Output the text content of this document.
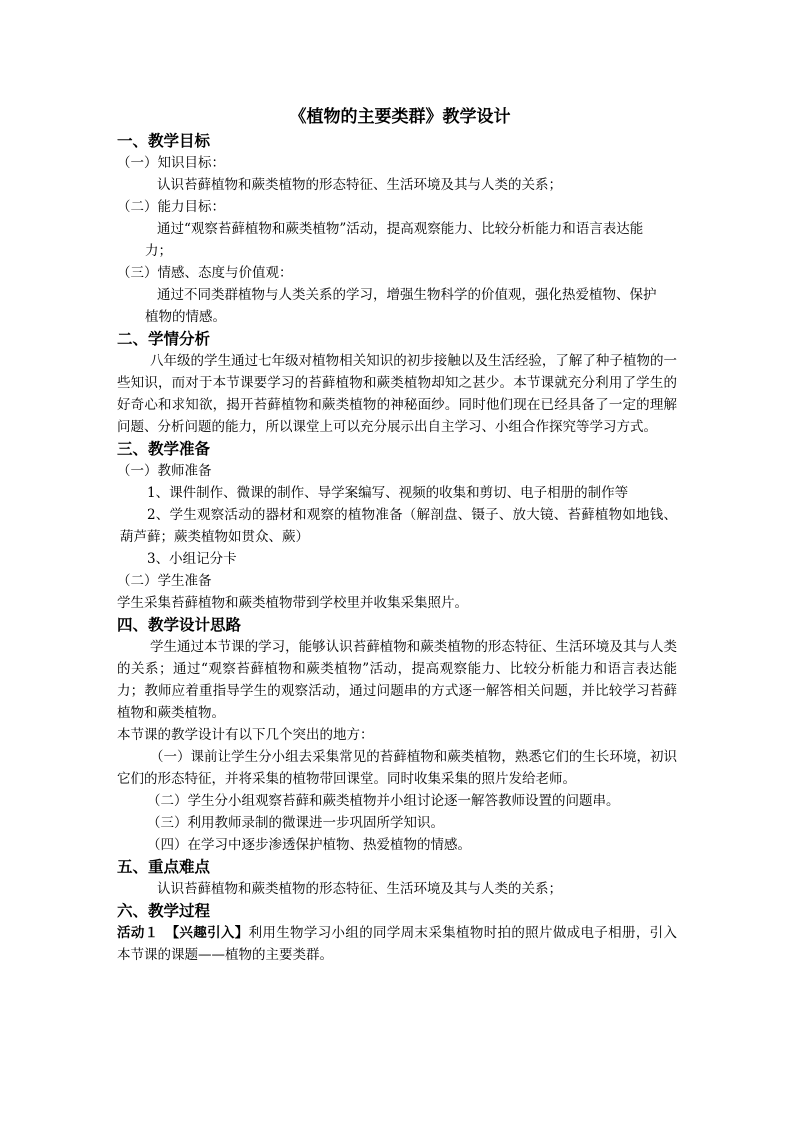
《植物的主要类群》教学设计
一、教学目标
（一）知识目标：
认识苔藓植物和蕨类植物的形态特征、生活环境及其与人类的关系；
（二）能力目标：
通过“观察苔藓植物和蕨类植物”活动，提高观察能力、比较分析能力和语言表达能
力；
（三）情感、态度与价值观：
通过不同类群植物与人类关系的学习，增强生物科学的价值观，强化热爱植物、保护
植物的情感。
二、学情分析
八年级的学生通过七年级对植物相关知识的初步接触以及生活经验，了解了种子植物的一些知识，而对于本节课要学习的苔藓植物和蕨类植物却知之甚少。本节课就充分利用了学生的好奇心和求知欲，揭开苔藓植物和蕨类植物的神秘面纱。同时他们现在已经具备了一定的理解问题、分析问题的能力，所以课堂上可以充分展示出自主学习、小组合作探究等学习方式。
三、教学准备
（一）教师准备
1、课件制作、微课的制作、导学案编写、视频的收集和剪切、电子相册的制作等
2、学生观察活动的器材和观察的植物准备（解剖盘、镊子、放大镜、苔藓植物如地钱、葫芦藓；蕨类植物如贯众、蕨）
3、小组记分卡
（二）学生准备
学生采集苔藓植物和蕨类植物带到学校里并收集采集照片。
四、教学设计思路
学生通过本节课的学习，能够认识苔藓植物和蕨类植物的形态特征、生活环境及其与人类的关系；通过“观察苔藓植物和蕨类植物”活动，提高观察能力、比较分析能力和语言表达能力；教师应着重指导学生的观察活动，通过问题串的方式逐一解答相关问题，并比较学习苔藓植物和蕨类植物。
本节课的教学设计有以下几个突出的地方：
（一）课前让学生分小组去采集常见的苔藓植物和蕨类植物，熟悉它们的生长环境，初识它们的形态特征，并将采集的植物带回课堂。同时收集采集的照片发给老师。
（二）学生分小组观察苔藓和蕨类植物并小组讨论逐一解答教师设置的问题串。
（三）利用教师录制的微课进一步巩固所学知识。
（四）在学习中逐步渗透保护植物、热爱植物的情感。
五、重点难点
认识苔藓植物和蕨类植物的形态特征、生活环境及其与人类的关系；
六、教学过程
活动１　【兴趣引入】利用生物学习小组的同学周末采集植物时拍的照片做成电子相册，引入本节课的课题——植物的主要类群。
